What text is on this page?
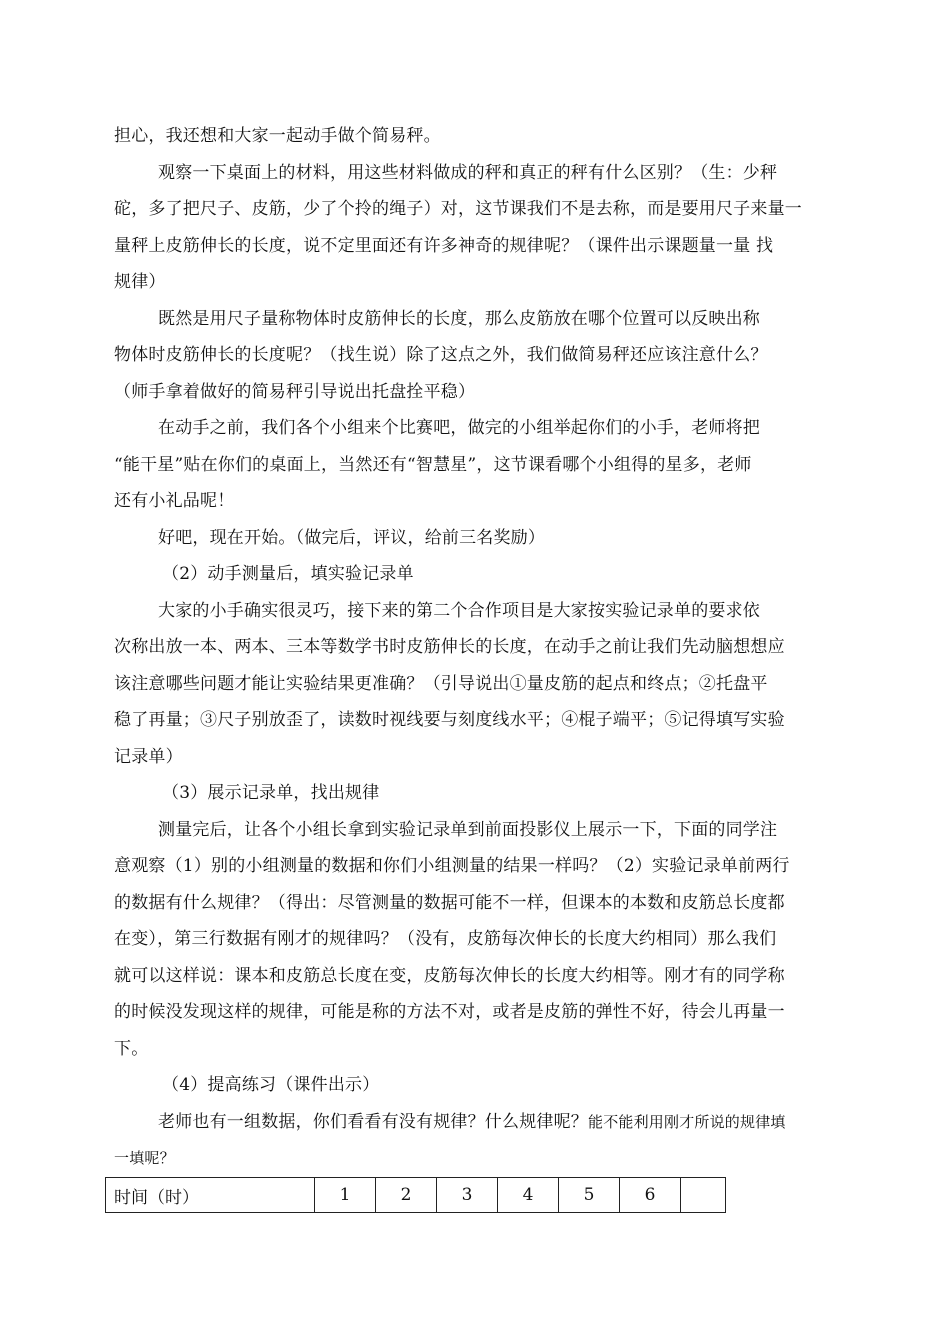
担心，我还想和大家一起动手做个简易秤。

观察一下桌面上的材料，用这些材料做成的秤和真正的秤有什么区别？（生：少秤
砣，多了把尺子、皮筋，少了个拎的绳子）对，这节课我们不是去称，而是要用尺子来量一
量秤上皮筋伸长的长度，说不定里面还有许多神奇的规律呢？（课件出示课题量一量 找
规律）

既然是用尺子量称物体时皮筋伸长的长度，那么皮筋放在哪个位置可以反映出称
物体时皮筋伸长的长度呢？（找生说）除了这点之外，我们做简易秤还应该注意什么？
（师手拿着做好的简易秤引导说出托盘拴平稳）

在动手之前，我们各个小组来个比赛吧，做完的小组举起你们的小手，老师将把
“能干星”贴在你们的桌面上，当然还有“智慧星”，这节课看哪个小组得的星多，老师
还有小礼品呢！

好吧，现在开始。（做完后，评议，给前三名奖励）

（2）动手测量后，填实验记录单

大家的小手确实很灵巧，接下来的第二个合作项目是大家按实验记录单的要求依
次称出放一本、两本、三本等数学书时皮筋伸长的长度，在动手之前让我们先动脑想想应
该注意哪些问题才能让实验结果更准确？（引导说出①量皮筋的起点和终点；②托盘平
稳了再量；③尺子别放歪了，读数时视线要与刻度线水平；④棍子端平；⑤记得填写实验
记录单）

（3）展示记录单，找出规律

测量完后，让各个小组长拿到实验记录单到前面投影仪上展示一下，下面的同学注
意观察（1）别的小组测量的数据和你们小组测量的结果一样吗？（2）实验记录单前两行
的数据有什么规律？（得出：尽管测量的数据可能不一样，但课本的本数和皮筋总长度都
在变），第三行数据有刚才的规律吗？（没有，皮筋每次伸长的长度大约相同）那么我们
就可以这样说：课本和皮筋总长度在变，皮筋每次伸长的长度大约相等。刚才有的同学称
的时候没发现这样的规律，可能是称的方法不对，或者是皮筋的弹性不好，待会儿再量一
下。

（4）提高练习（课件出示）

老师也有一组数据，你们看看有没有规律？什么规律呢？能不能利用刚才所说的规律填
一填呢？

时间（时）	1	2	3	4	5	6	
